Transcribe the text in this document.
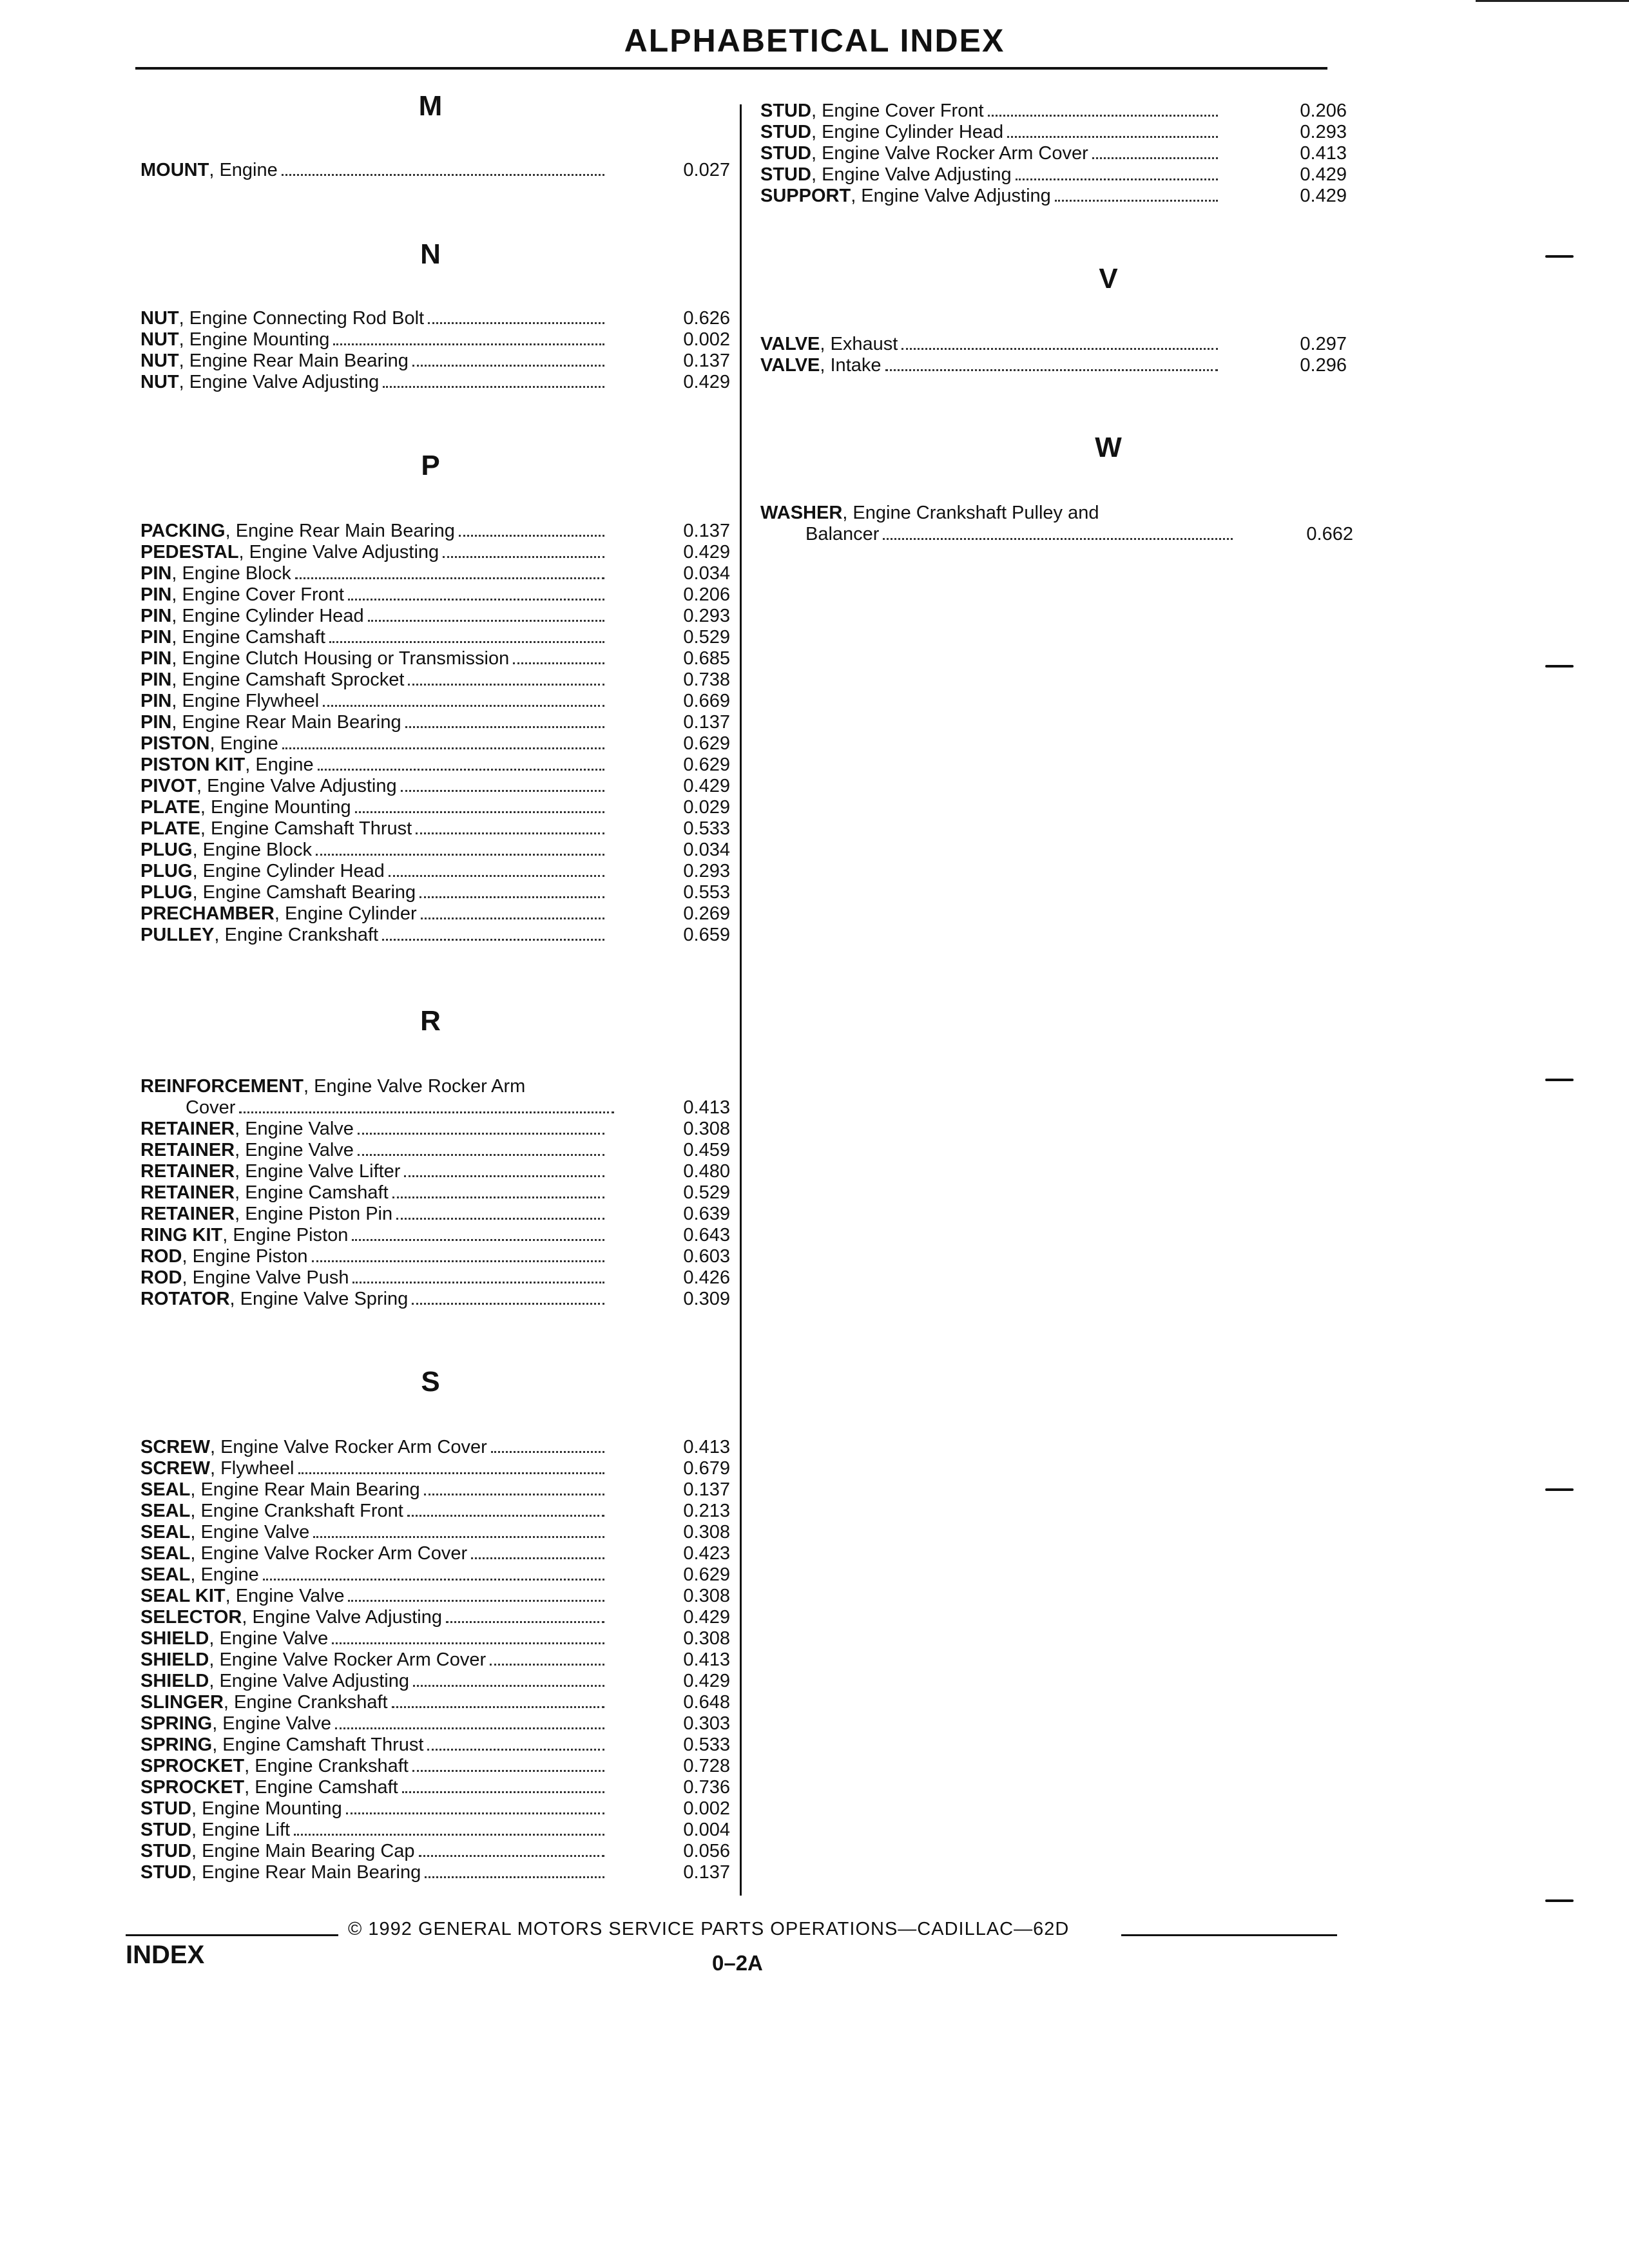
ALPHABETICAL INDEX
M
MOUNT , Engine	0.027
N
NUT , Engine Connecting Rod Bolt	0.626
NUT , Engine Mounting	0.002
NUT , Engine Rear Main Bearing	0.137
NUT , Engine Valve Adjusting	0.429
P
PACKING , Engine Rear Main Bearing	0.137
PEDESTAL , Engine Valve Adjusting	0.429
PIN , Engine Block	0.034
PIN , Engine Cover Front	0.206
PIN , Engine Cylinder Head	0.293
PIN , Engine Camshaft	0.529
PIN , Engine Clutch Housing or Transmission	0.685
PIN , Engine Camshaft Sprocket	0.738
PIN , Engine Flywheel	0.669
PIN , Engine Rear Main Bearing	0.137
PISTON , Engine	0.629
PISTON KIT , Engine	0.629
PIVOT , Engine Valve Adjusting	0.429
PLATE , Engine Mounting	0.029
PLATE , Engine Camshaft Thrust	0.533
PLUG , Engine Block	0.034
PLUG , Engine Cylinder Head	0.293
PLUG , Engine Camshaft Bearing	0.553
PRECHAMBER , Engine Cylinder	0.269
PULLEY , Engine Crankshaft	0.659
R
REINFORCEMENT , Engine Valve Rocker Arm
Cover	0.413
RETAINER , Engine Valve	0.308
RETAINER , Engine Valve	0.459
RETAINER , Engine Valve Lifter	0.480
RETAINER , Engine Camshaft	0.529
RETAINER , Engine Piston Pin	0.639
RING KIT , Engine Piston	0.643
ROD , Engine Piston	0.603
ROD , Engine Valve Push	0.426
ROTATOR , Engine Valve Spring	0.309
S
SCREW , Engine Valve Rocker Arm Cover	0.413
SCREW , Flywheel	0.679
SEAL , Engine Rear Main Bearing	0.137
SEAL , Engine Crankshaft Front	0.213
SEAL , Engine Valve	0.308
SEAL , Engine Valve Rocker Arm Cover	0.423
SEAL , Engine	0.629
SEAL KIT , Engine Valve	0.308
SELECTOR , Engine Valve Adjusting	0.429
SHIELD , Engine Valve	0.308
SHIELD , Engine Valve Rocker Arm Cover	0.413
SHIELD , Engine Valve Adjusting	0.429
SLINGER , Engine Crankshaft	0.648
SPRING , Engine Valve	0.303
SPRING , Engine Camshaft Thrust	0.533
SPROCKET , Engine Crankshaft	0.728
SPROCKET , Engine Camshaft	0.736
STUD , Engine Mounting	0.002
STUD , Engine Lift	0.004
STUD , Engine Main Bearing Cap	0.056
STUD , Engine Rear Main Bearing	0.137
STUD , Engine Cover Front	0.206
STUD , Engine Cylinder Head	0.293
STUD , Engine Valve Rocker Arm Cover	0.413
STUD , Engine Valve Adjusting	0.429
SUPPORT , Engine Valve Adjusting	0.429
V
VALVE , Exhaust	0.297
VALVE , Intake	0.296
W
WASHER , Engine Crankshaft Pulley and
Balancer	0.662
© 1992 GENERAL MOTORS SERVICE PARTS OPERATIONS—CADILLAC—62D
INDEX	0–2A
